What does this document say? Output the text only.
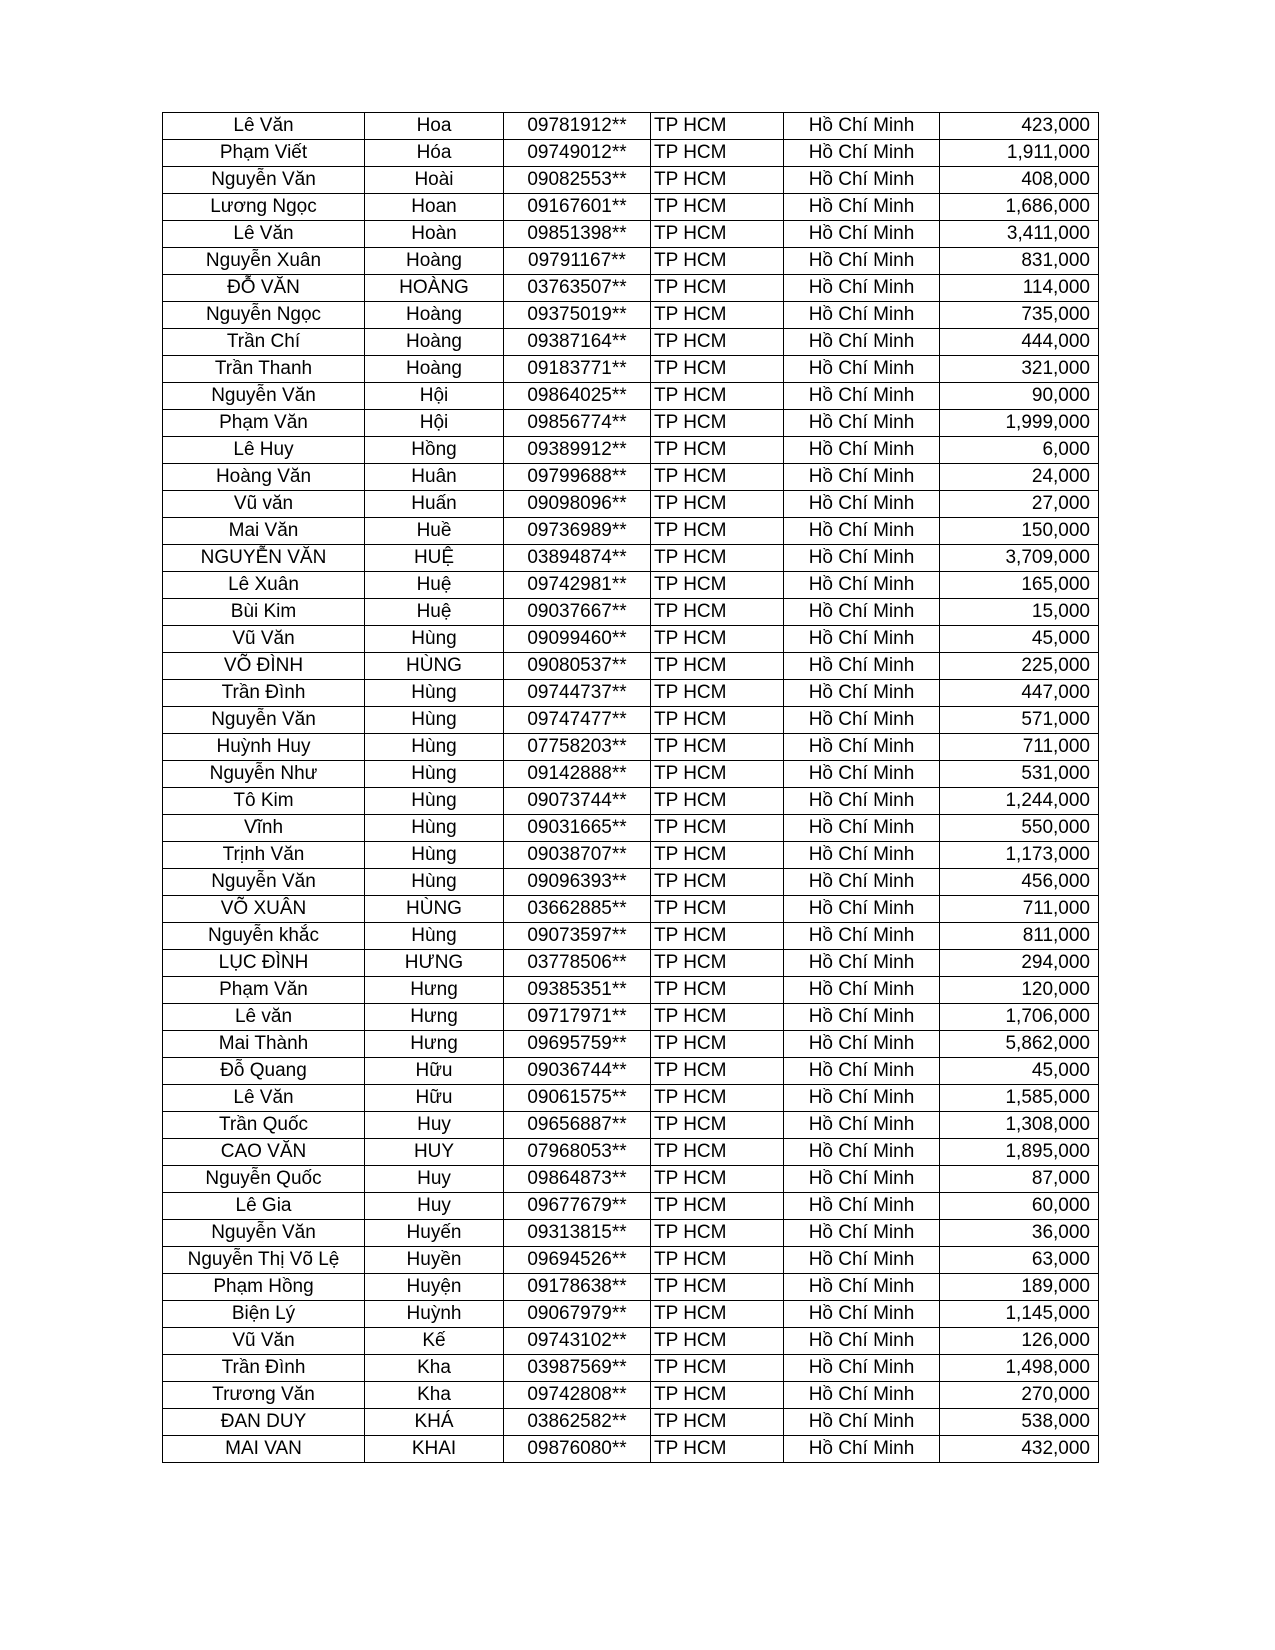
Lê Văn	Hoa	09781912**	TP HCM	Hồ Chí Minh	423,000
Phạm Viết	Hóa	09749012**	TP HCM	Hồ Chí Minh	1,911,000
Nguyễn Văn	Hoài	09082553**	TP HCM	Hồ Chí Minh	408,000
Lương Ngọc	Hoan	09167601**	TP HCM	Hồ Chí Minh	1,686,000
Lê Văn	Hoàn	09851398**	TP HCM	Hồ Chí Minh	3,411,000
Nguyễn Xuân	Hoàng	09791167**	TP HCM	Hồ Chí Minh	831,000
ĐỖ VĂN	HOÀNG	03763507**	TP HCM	Hồ Chí Minh	114,000
Nguyễn Ngọc	Hoàng	09375019**	TP HCM	Hồ Chí Minh	735,000
Trần Chí	Hoàng	09387164**	TP HCM	Hồ Chí Minh	444,000
Trần Thanh	Hoàng	09183771**	TP HCM	Hồ Chí Minh	321,000
Nguyễn Văn	Hội	09864025**	TP HCM	Hồ Chí Minh	90,000
Phạm Văn	Hội	09856774**	TP HCM	Hồ Chí Minh	1,999,000
Lê Huy	Hồng	09389912**	TP HCM	Hồ Chí Minh	6,000
Hoàng Văn	Huân	09799688**	TP HCM	Hồ Chí Minh	24,000
Vũ văn	Huấn	09098096**	TP HCM	Hồ Chí Minh	27,000
Mai Văn	Huề	09736989**	TP HCM	Hồ Chí Minh	150,000
NGUYỄN VĂN	HUỆ	03894874**	TP HCM	Hồ Chí Minh	3,709,000
Lê Xuân	Huệ	09742981**	TP HCM	Hồ Chí Minh	165,000
Bùi Kim	Huệ	09037667**	TP HCM	Hồ Chí Minh	15,000
Vũ Văn	Hùng	09099460**	TP HCM	Hồ Chí Minh	45,000
VÕ ĐÌNH	HÙNG	09080537**	TP HCM	Hồ Chí Minh	225,000
Trần Đình	Hùng	09744737**	TP HCM	Hồ Chí Minh	447,000
Nguyễn Văn	Hùng	09747477**	TP HCM	Hồ Chí Minh	571,000
Huỳnh Huy	Hùng	07758203**	TP HCM	Hồ Chí Minh	711,000
Nguyễn Như	Hùng	09142888**	TP HCM	Hồ Chí Minh	531,000
Tô Kim	Hùng	09073744**	TP HCM	Hồ Chí Minh	1,244,000
Vĩnh	Hùng	09031665**	TP HCM	Hồ Chí Minh	550,000
Trịnh Văn	Hùng	09038707**	TP HCM	Hồ Chí Minh	1,173,000
Nguyễn Văn	Hùng	09096393**	TP HCM	Hồ Chí Minh	456,000
VÕ XUÂN	HÙNG	03662885**	TP HCM	Hồ Chí Minh	711,000
Nguyễn khắc	Hùng	09073597**	TP HCM	Hồ Chí Minh	811,000
LỤC ĐÌNH	HƯNG	03778506**	TP HCM	Hồ Chí Minh	294,000
Phạm Văn	Hưng	09385351**	TP HCM	Hồ Chí Minh	120,000
Lê văn	Hưng	09717971**	TP HCM	Hồ Chí Minh	1,706,000
Mai Thành	Hưng	09695759**	TP HCM	Hồ Chí Minh	5,862,000
Đỗ Quang	Hữu	09036744**	TP HCM	Hồ Chí Minh	45,000
Lê Văn	Hữu	09061575**	TP HCM	Hồ Chí Minh	1,585,000
Trần Quốc	Huy	09656887**	TP HCM	Hồ Chí Minh	1,308,000
CAO VĂN	HUY	07968053**	TP HCM	Hồ Chí Minh	1,895,000
Nguyễn Quốc	Huy	09864873**	TP HCM	Hồ Chí Minh	87,000
Lê Gia	Huy	09677679**	TP HCM	Hồ Chí Minh	60,000
Nguyễn Văn	Huyến	09313815**	TP HCM	Hồ Chí Minh	36,000
Nguyễn Thị Võ Lệ	Huyền	09694526**	TP HCM	Hồ Chí Minh	63,000
Phạm Hồng	Huyện	09178638**	TP HCM	Hồ Chí Minh	189,000
Biện Lý	Huỳnh	09067979**	TP HCM	Hồ Chí Minh	1,145,000
Vũ Văn	Kế	09743102**	TP HCM	Hồ Chí Minh	126,000
Trần Đình	Kha	03987569**	TP HCM	Hồ Chí Minh	1,498,000
Trương Văn	Kha	09742808**	TP HCM	Hồ Chí Minh	270,000
ĐAN DUY	KHÁ	03862582**	TP HCM	Hồ Chí Minh	538,000
MAI VAN	KHAI	09876080**	TP HCM	Hồ Chí Minh	432,000
